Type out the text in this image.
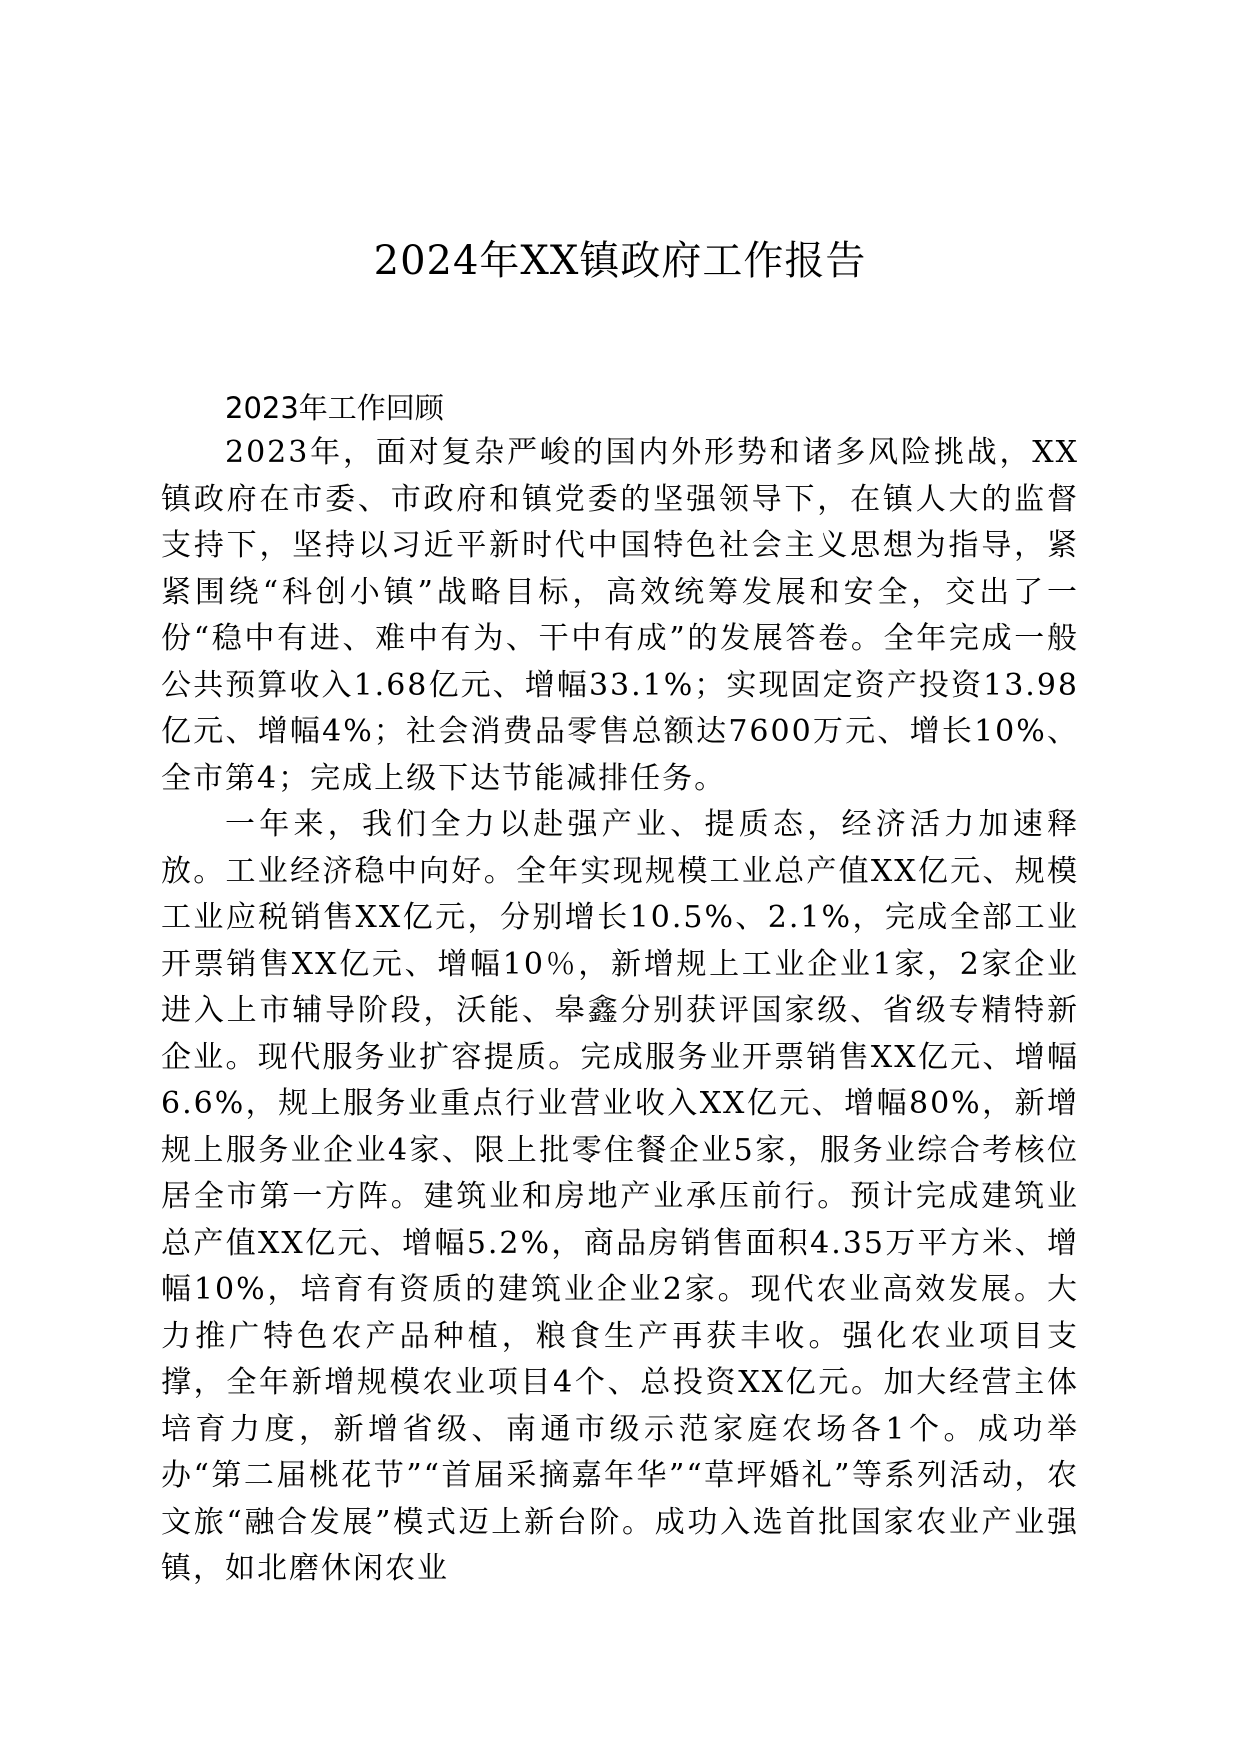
2024年XX镇政府工作报告
2023年工作回顾

2023年，面对复杂严峻的国内外形势和诸多风险挑战，XX镇政府在市委、市政府和镇党委的坚强领导下，在镇人大的监督支持下，坚持以习近平新时代中国特色社会主义思想为指导，紧紧围绕“科创小镇”战略目标，高效统筹发展和安全，交出了一份“稳中有进、难中有为、干中有成”的发展答卷。全年完成一般公共预算收入1.68亿元、增幅33.1%；实现固定资产投资13.98亿元、增幅4%；社会消费品零售总额达7600万元、增长10%、全市第4；完成上级下达节能减排任务。

一年来，我们全力以赴强产业、提质态，经济活力加速释放。工业经济稳中向好。全年实现规模工业总产值XX亿元、规模工业应税销售XX亿元，分别增长10.5%、2.1%，完成全部工业开票销售XX亿元、增幅10％，新增规上工业企业1家，2家企业进入上市辅导阶段，沃能、皋鑫分别获评国家级、省级专精特新企业。现代服务业扩容提质。完成服务业开票销售XX亿元、增幅6.6%，规上服务业重点行业营业收入XX亿元、增幅80%，新增规上服务业企业4家、限上批零住餐企业5家，服务业综合考核位居全市第一方阵。建筑业和房地产业承压前行。预计完成建筑业总产值XX亿元、增幅5.2%，商品房销售面积4.35万平方米、增幅10%，培育有资质的建筑业企业2家。现代农业高效发展。大力推广特色农产品种植，粮食生产再获丰收。强化农业项目支撑，全年新增规模农业项目4个、总投资XX亿元。加大经营主体培育力度，新增省级、南通市级示范家庭农场各1个。成功举办“第二届桃花节”“首届采摘嘉年华”“草坪婚礼”等系列活动，农文旅“融合发展”模式迈上新台阶。成功入选首批国家农业产业强镇，如北磨休闲农业
